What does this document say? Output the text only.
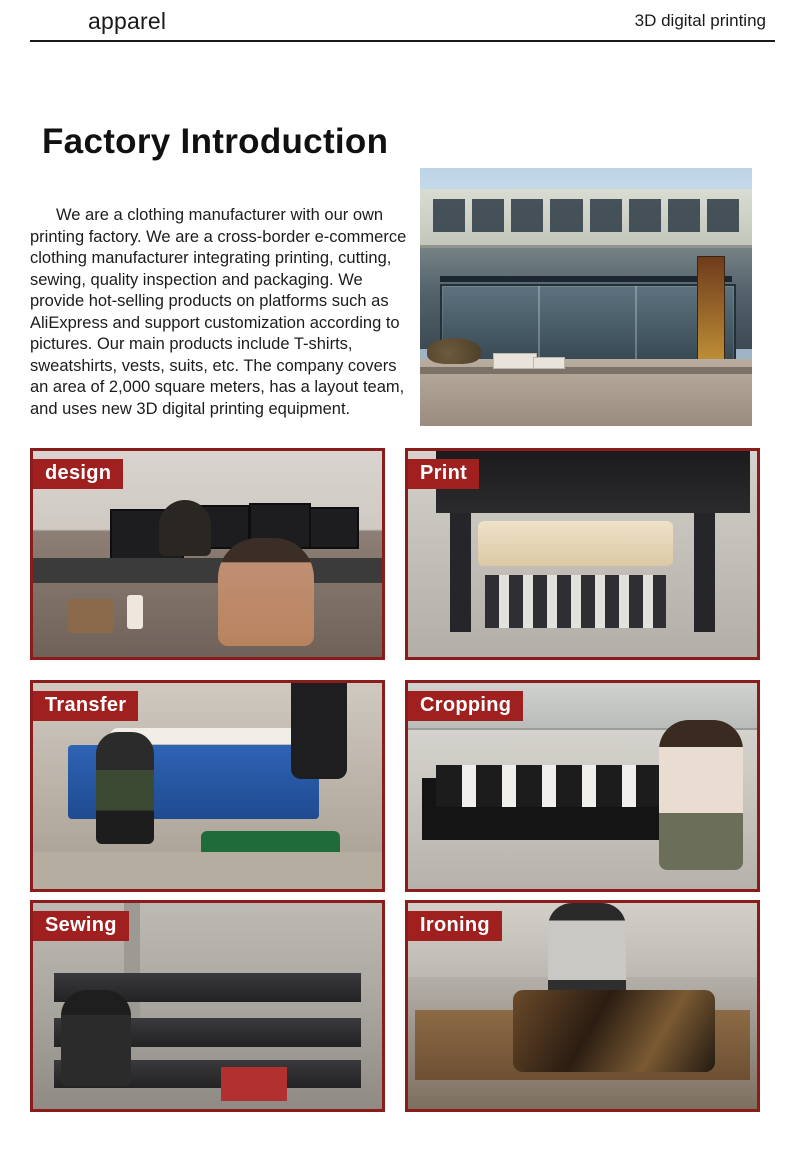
apparel	3D digital printing
Factory Introduction
We are a clothing manufacturer with our own printing factory. We are a cross-border e-commerce clothing manufacturer integrating printing, cutting, sewing, quality inspection and packaging. We provide hot-selling products on platforms such as AliExpress and support customization according to pictures. Our main products include T-shirts, sweatshirts, vests, suits, etc. The company covers an area of 2,000 square meters, has a layout team, and uses new 3D digital printing equipment.
design	Print
Transfer	Cropping
Sewing	Ironing
